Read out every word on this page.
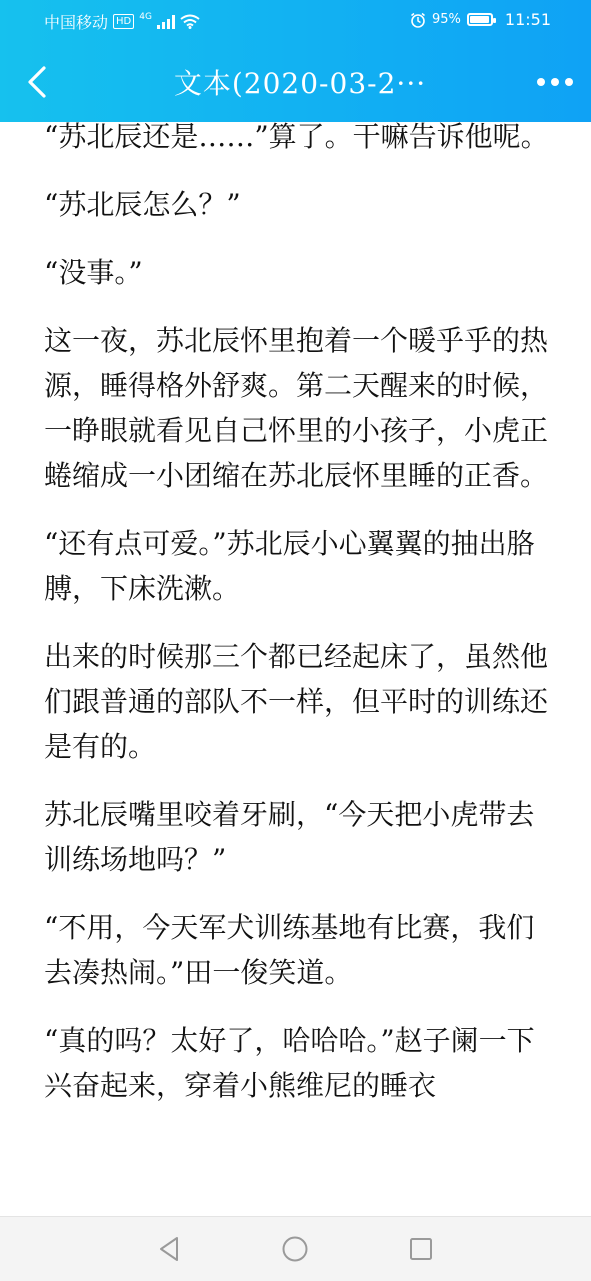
中国移动 HD 4G	95%	11:51
文本(2020-03-2···

“苏北辰还是……”算了。干嘛告诉他呢。

“苏北辰怎么？”

“没事。”

这一夜，苏北辰怀里抱着一个暖乎乎的热源，睡得格外舒爽。第二天醒来的时候，一睁眼就看见自己怀里的小孩子，小虎正蜷缩成一小团缩在苏北辰怀里睡的正香。

“还有点可爱。”苏北辰小心翼翼的抽出胳膊，下床洗漱。

出来的时候那三个都已经起床了，虽然他们跟普通的部队不一样，但平时的训练还是有的。

苏北辰嘴里咬着牙刷，“今天把小虎带去训练场地吗？”

“不用，今天军犬训练基地有比赛，我们去凑热闹。”田一俊笑道。

“真的吗？太好了，哈哈哈。”赵子阑一下兴奋起来，穿着小熊维尼的睡衣
